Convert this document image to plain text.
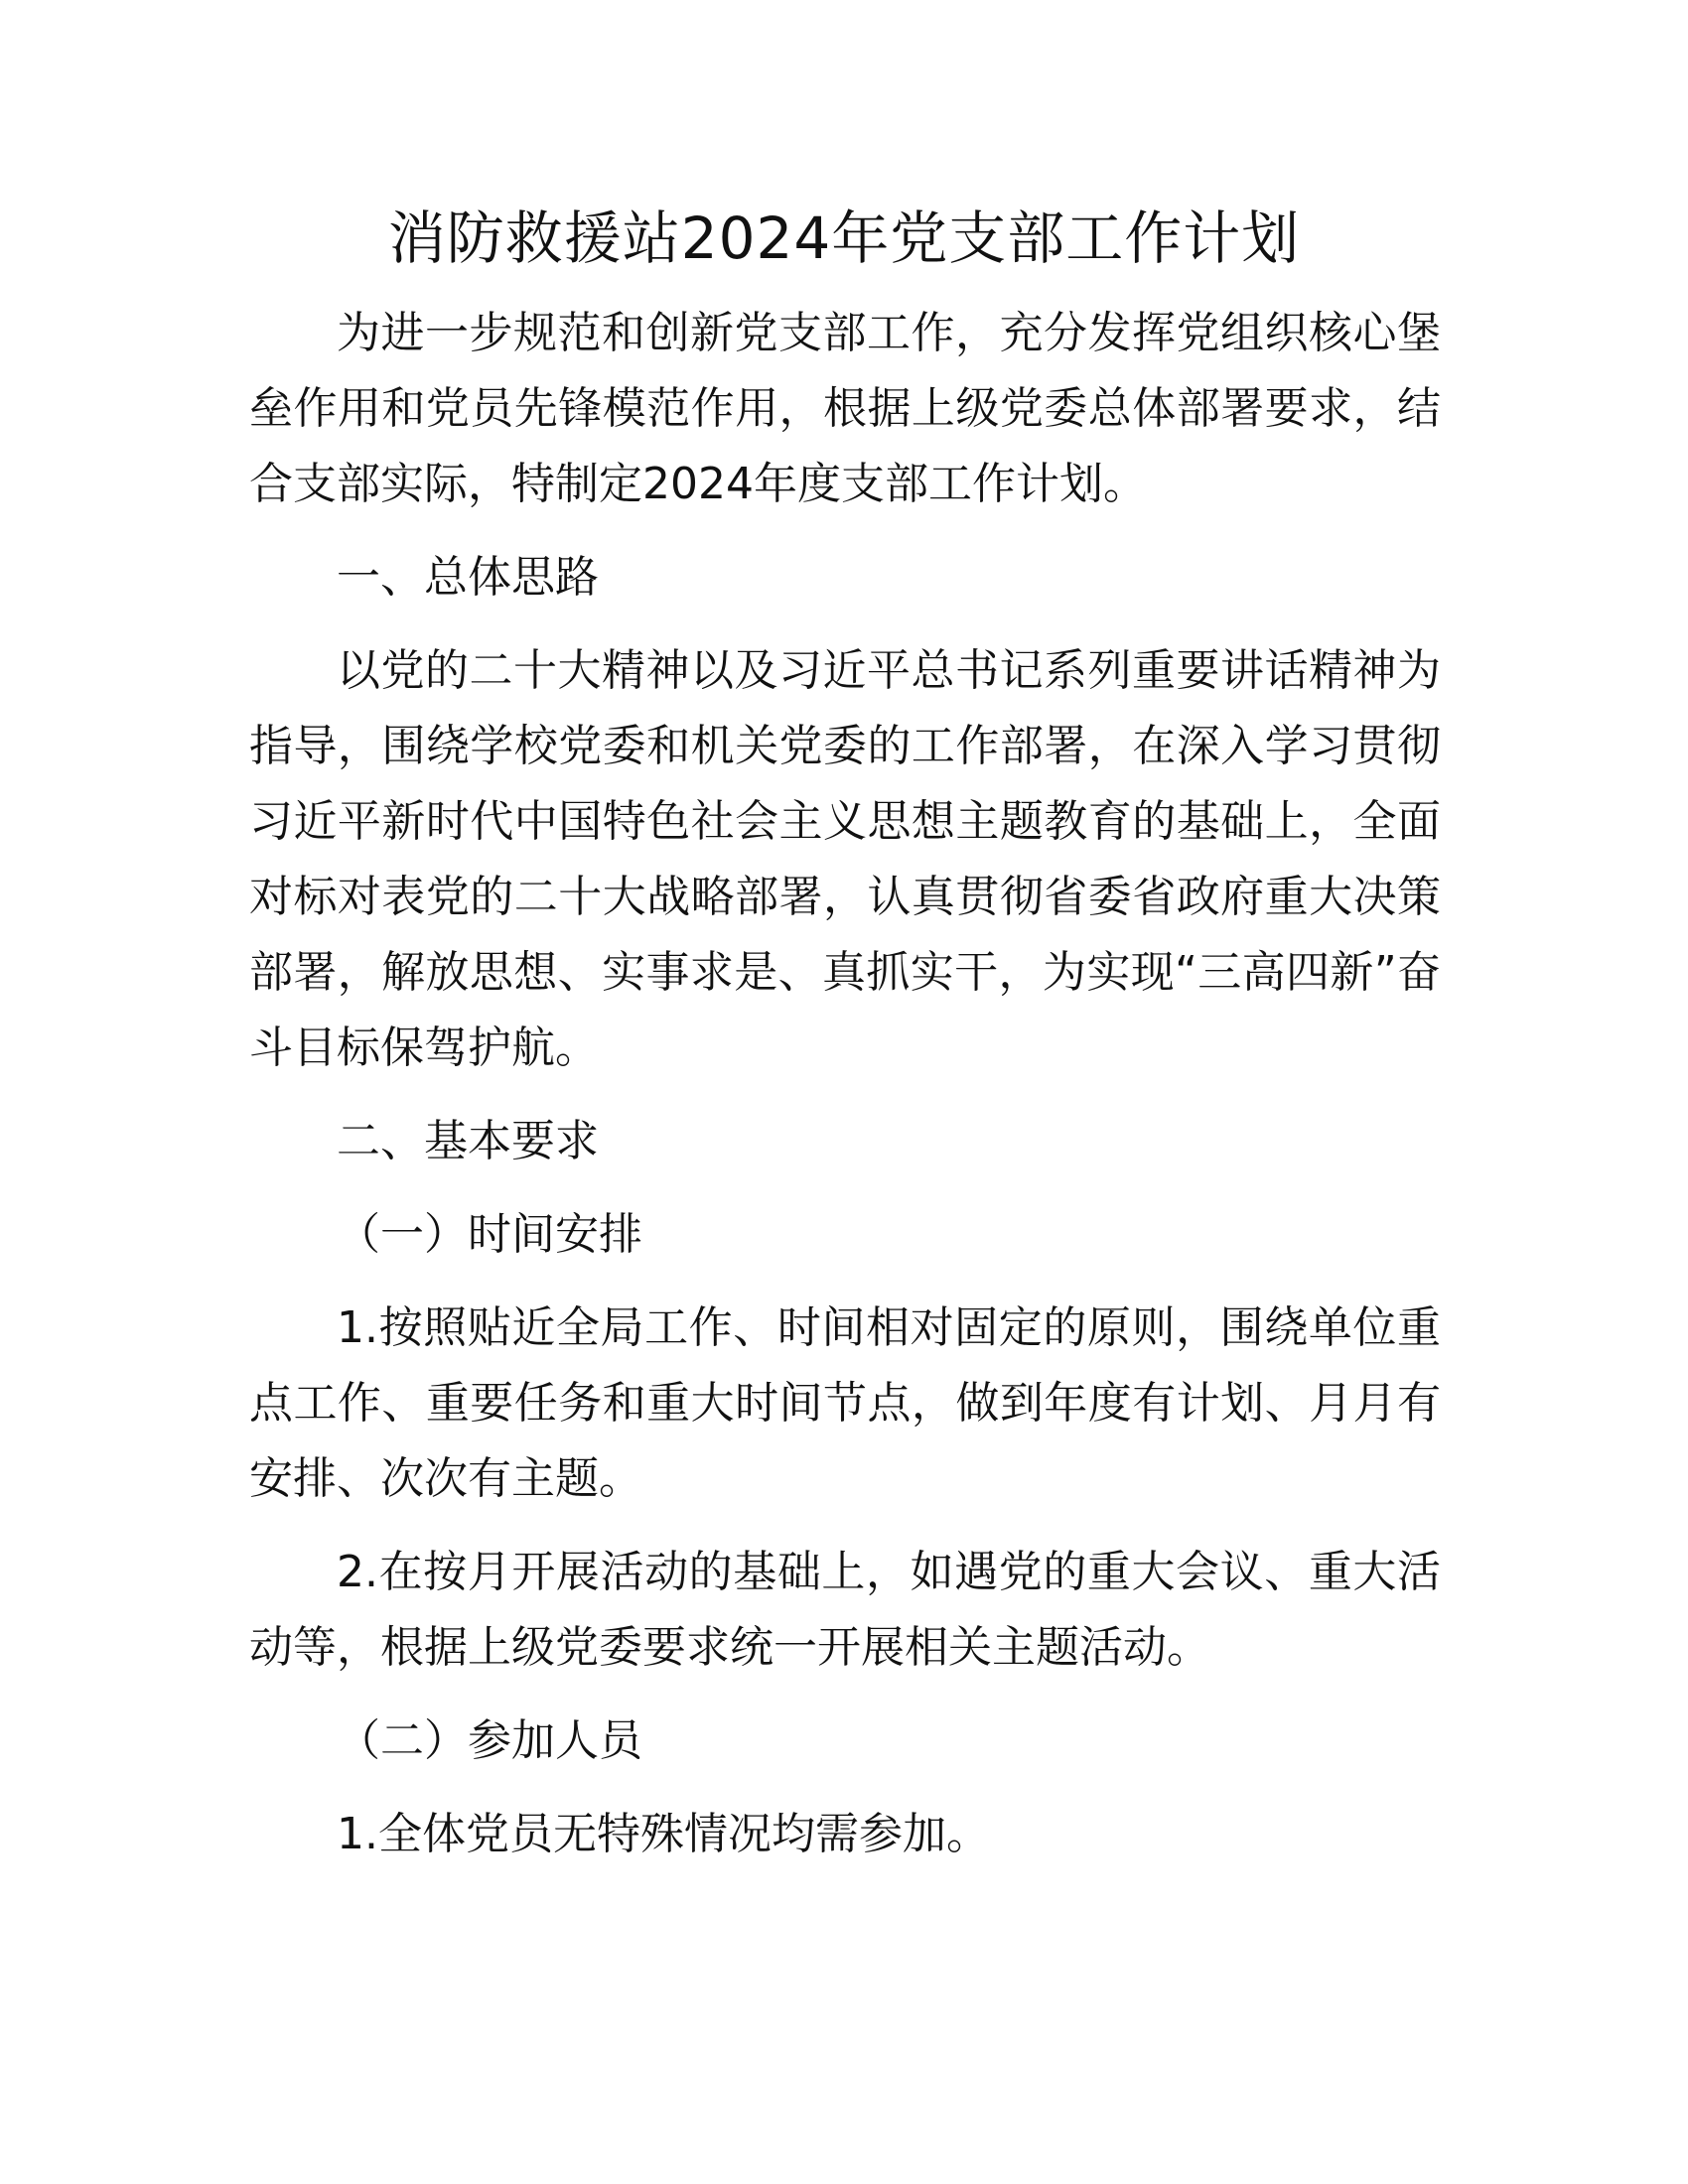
消防救援站2024年党支部工作计划

为进一步规范和创新党支部工作，充分发挥党组织核心堡垒作用和党员先锋模范作用，根据上级党委总体部署要求，结合支部实际，特制定2024年度支部工作计划。

一、总体思路

以党的二十大精神以及习近平总书记系列重要讲话精神为指导，围绕学校党委和机关党委的工作部署，在深入学习贯彻习近平新时代中国特色社会主义思想主题教育的基础上，全面对标对表党的二十大战略部署，认真贯彻省委省政府重大决策部署，解放思想、实事求是、真抓实干，为实现“三高四新”奋斗目标保驾护航。

二、基本要求

（一）时间安排

1.按照贴近全局工作、时间相对固定的原则，围绕单位重点工作、重要任务和重大时间节点，做到年度有计划、月月有安排、次次有主题。

2.在按月开展活动的基础上，如遇党的重大会议、重大活动等，根据上级党委要求统一开展相关主题活动。

（二）参加人员

1.全体党员无特殊情况均需参加。
